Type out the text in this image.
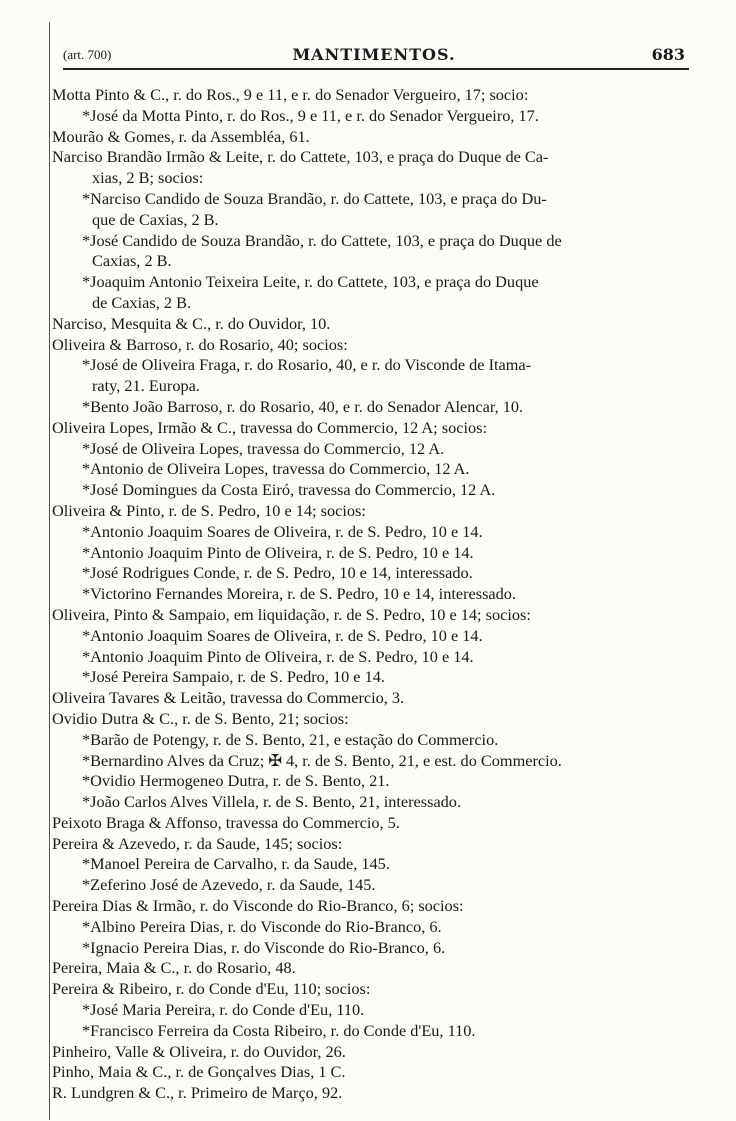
(art. 700)	MANTIMENTOS.	683
Motta Pinto & C., r. do Ros., 9 e 11, e r. do Senador Vergueiro, 17; socio:
*José da Motta Pinto, r. do Ros., 9 e 11, e r. do Senador Vergueiro, 17.
Mourão & Gomes, r. da Assembléa, 61.
Narciso Brandão Irmão & Leite, r. do Cattete, 103, e praça do Duque de Ca-
xias, 2 B; socios:
*Narciso Candido de Souza Brandão, r. do Cattete, 103, e praça do Du-
que de Caxias, 2 B.
*José Candido de Souza Brandão, r. do Cattete, 103, e praça do Duque de
Caxias, 2 B.
*Joaquim Antonio Teixeira Leite, r. do Cattete, 103, e praça do Duque
de Caxias, 2 B.
Narciso, Mesquita & C., r. do Ouvidor, 10.
Oliveira & Barroso, r. do Rosario, 40; socios:
*José de Oliveira Fraga, r. do Rosario, 40, e r. do Visconde de Itama-
raty, 21. Europa.
*Bento João Barroso, r. do Rosario, 40, e r. do Senador Alencar, 10.
Oliveira Lopes, Irmão & C., travessa do Commercio, 12 A; socios:
*José de Oliveira Lopes, travessa do Commercio, 12 A.
*Antonio de Oliveira Lopes, travessa do Commercio, 12 A.
*José Domingues da Costa Eiró, travessa do Commercio, 12 A.
Oliveira & Pinto, r. de S. Pedro, 10 e 14; socios:
*Antonio Joaquim Soares de Oliveira, r. de S. Pedro, 10 e 14.
*Antonio Joaquim Pinto de Oliveira, r. de S. Pedro, 10 e 14.
*José Rodrigues Conde, r. de S. Pedro, 10 e 14, interessado.
*Victorino Fernandes Moreira, r. de S. Pedro, 10 e 14, interessado.
Oliveira, Pinto & Sampaio, em liquidação, r. de S. Pedro, 10 e 14; socios:
*Antonio Joaquim Soares de Oliveira, r. de S. Pedro, 10 e 14.
*Antonio Joaquim Pinto de Oliveira, r. de S. Pedro, 10 e 14.
*José Pereira Sampaio, r. de S. Pedro, 10 e 14.
Oliveira Tavares & Leitão, travessa do Commercio, 3.
Ovidio Dutra & C., r. de S. Bento, 21; socios:
*Barão de Potengy, r. de S. Bento, 21, e estação do Commercio.
*Bernardino Alves da Cruz; ✠ 4, r. de S. Bento, 21, e est. do Commercio.
*Ovidio Hermogeneo Dutra, r. de S. Bento, 21.
*João Carlos Alves Villela, r. de S. Bento, 21, interessado.
Peixoto Braga & Affonso, travessa do Commercio, 5.
Pereira & Azevedo, r. da Saude, 145; socios:
*Manoel Pereira de Carvalho, r. da Saude, 145.
*Zeferino José de Azevedo, r. da Saude, 145.
Pereira Dias & Irmão, r. do Visconde do Rio-Branco, 6; socios:
*Albino Pereira Dias, r. do Visconde do Rio-Branco, 6.
*Ignacio Pereira Dias, r. do Visconde do Rio-Branco, 6.
Pereira, Maia & C., r. do Rosario, 48.
Pereira & Ribeiro, r. do Conde d'Eu, 110; socios:
*José Maria Pereira, r. do Conde d'Eu, 110.
*Francisco Ferreira da Costa Ribeiro, r. do Conde d'Eu, 110.
Pinheiro, Valle & Oliveira, r. do Ouvidor, 26.
Pinho, Maia & C., r. de Gonçalves Dias, 1 C.
R. Lundgren & C., r. Primeiro de Março, 92.
